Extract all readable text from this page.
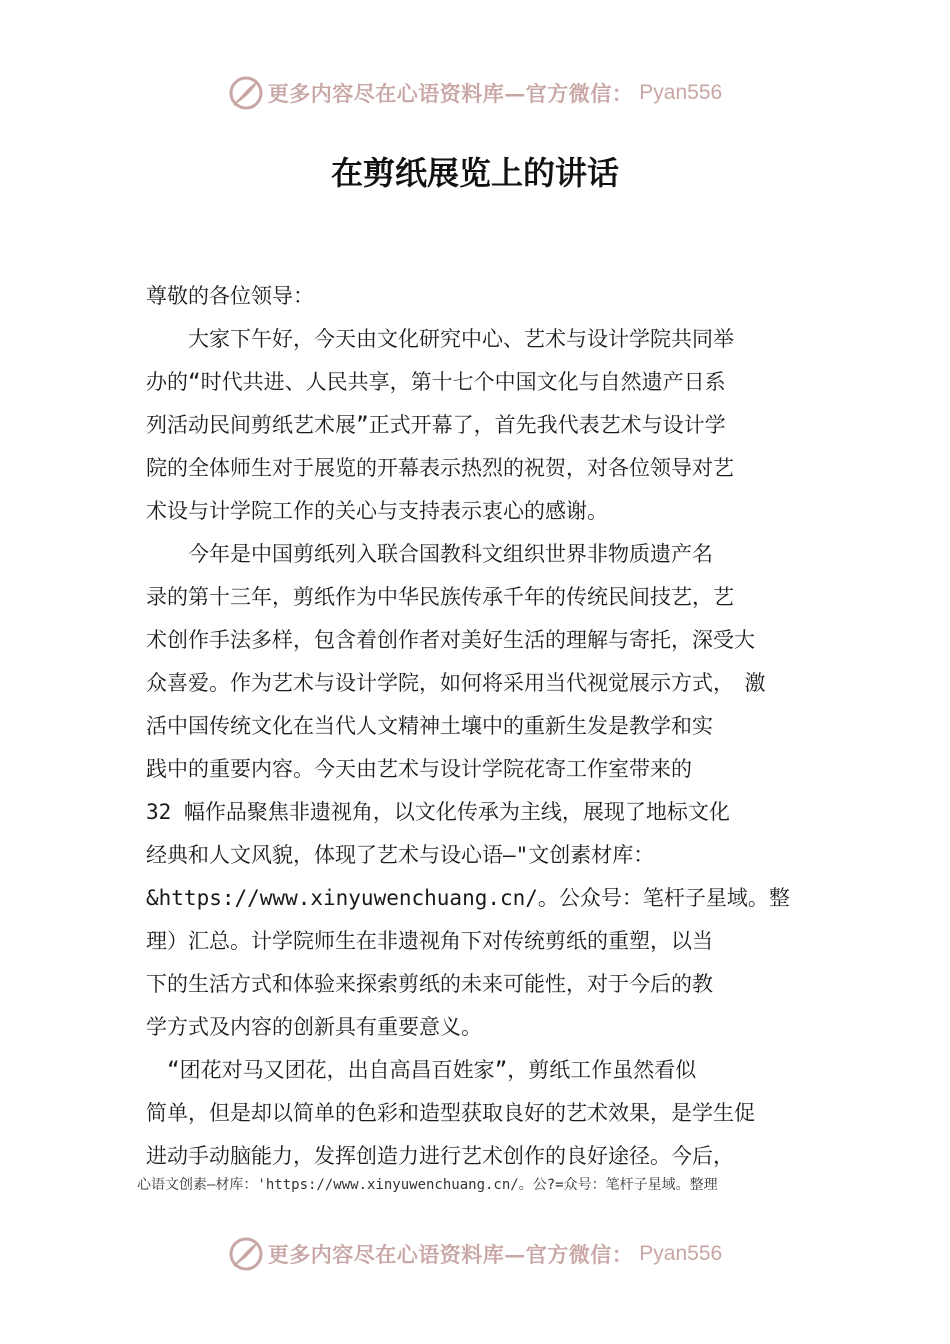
更多内容尽在心语资料库—官方微信： Pyan556
在剪纸展览上的讲话
尊敬的各位领导：
　　大家下午好，今天由文化研究中心、艺术与设计学院共同举
办的“时代共进、人民共享，第十七个中国文化与自然遗产日系
列活动民间剪纸艺术展”正式开幕了，首先我代表艺术与设计学
院的全体师生对于展览的开幕表示热烈的祝贺，对各位领导对艺
术设与计学院工作的关心与支持表示衷心的感谢。
　　今年是中国剪纸列入联合国教科文组织世界非物质遗产名
录的第十三年，剪纸作为中华民族传承千年的传统民间技艺，艺
术创作手法多样，包含着创作者对美好生活的理解与寄托，深受大
众喜爱。作为艺术与设计学院，如何将采用当代视觉展示方式，　激
活中国传统文化在当代人文精神土壤中的重新生发是教学和实
践中的重要内容。今天由艺术与设计学院花寄工作室带来的
32 幅作品聚焦非遗视角，以文化传承为主线，展现了地标文化
经典和人文风貌，体现了艺术与设心语—"文创素材库：
&https://www.xinyuwenchuang.cn/。公众号：笔杆子星域。整
理）汇总。计学院师生在非遗视角下对传统剪纸的重塑，以当
下的生活方式和体验来探索剪纸的未来可能性，对于今后的教
学方式及内容的创新具有重要意义。
　“团花对马又团花，出自高昌百姓家”，剪纸工作虽然看似
简单，但是却以简单的色彩和造型获取良好的艺术效果，是学生促
进动手动脑能力，发挥创造力进行艺术创作的良好途径。今后，
心语文创素—材库：'https://www.xinyuwenchuang.cn/。公?=众号：笔杆子星域。整理
更多内容尽在心语资料库—官方微信： Pyan556
